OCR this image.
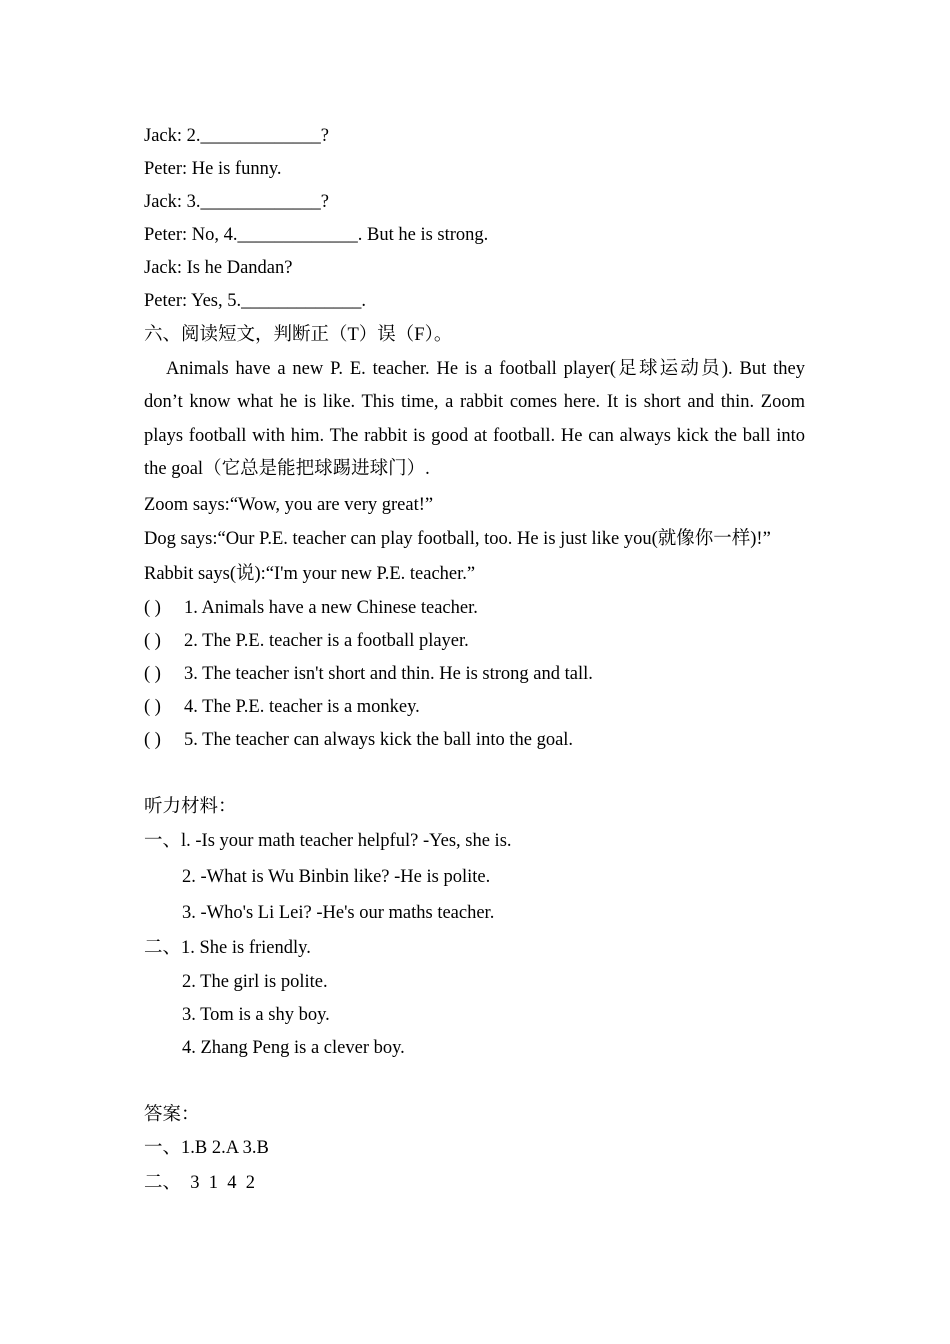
Jack: 2._____________?
Peter: He is funny.
Jack: 3._____________?
Peter: No, 4._____________. But he is strong.
Jack: Is he Dandan?
Peter: Yes, 5._____________.
六、阅读短文，判断正（T）误（F）。
Animals have a new P. E. teacher. He is a football player(足球运动员). But they don’t know what he is like. This time, a rabbit comes here. It is short and thin. Zoom plays football with him. The rabbit is good at football. He can always kick the ball into the goal（它总是能把球踢进球门）.
Zoom says:“Wow, you are very great!”
Dog says:“Our P.E. teacher can play football, too. He is just like you(就像你一样)!”
Rabbit says(说):“I'm your new P.E. teacher.”
( ) 1. Animals have a new Chinese teacher.
( ) 2. The P.E. teacher is a football player.
( ) 3. The teacher isn't short and thin. He is strong and tall.
( ) 4. The P.E. teacher is a monkey.
( ) 5. The teacher can always kick the ball into the goal.
听力材料：
一、l. -Is your math teacher helpful? -Yes, she is.
2. -What is Wu Binbin like? -He is polite.
3. -Who's Li Lei? -He's our maths teacher.
二、1. She is friendly.
2. The girl is polite.
3. Tom is a shy boy.
4. Zhang Peng is a clever boy.
答案：
一、1.B 2.A 3.B
二、  3  1  4  2
